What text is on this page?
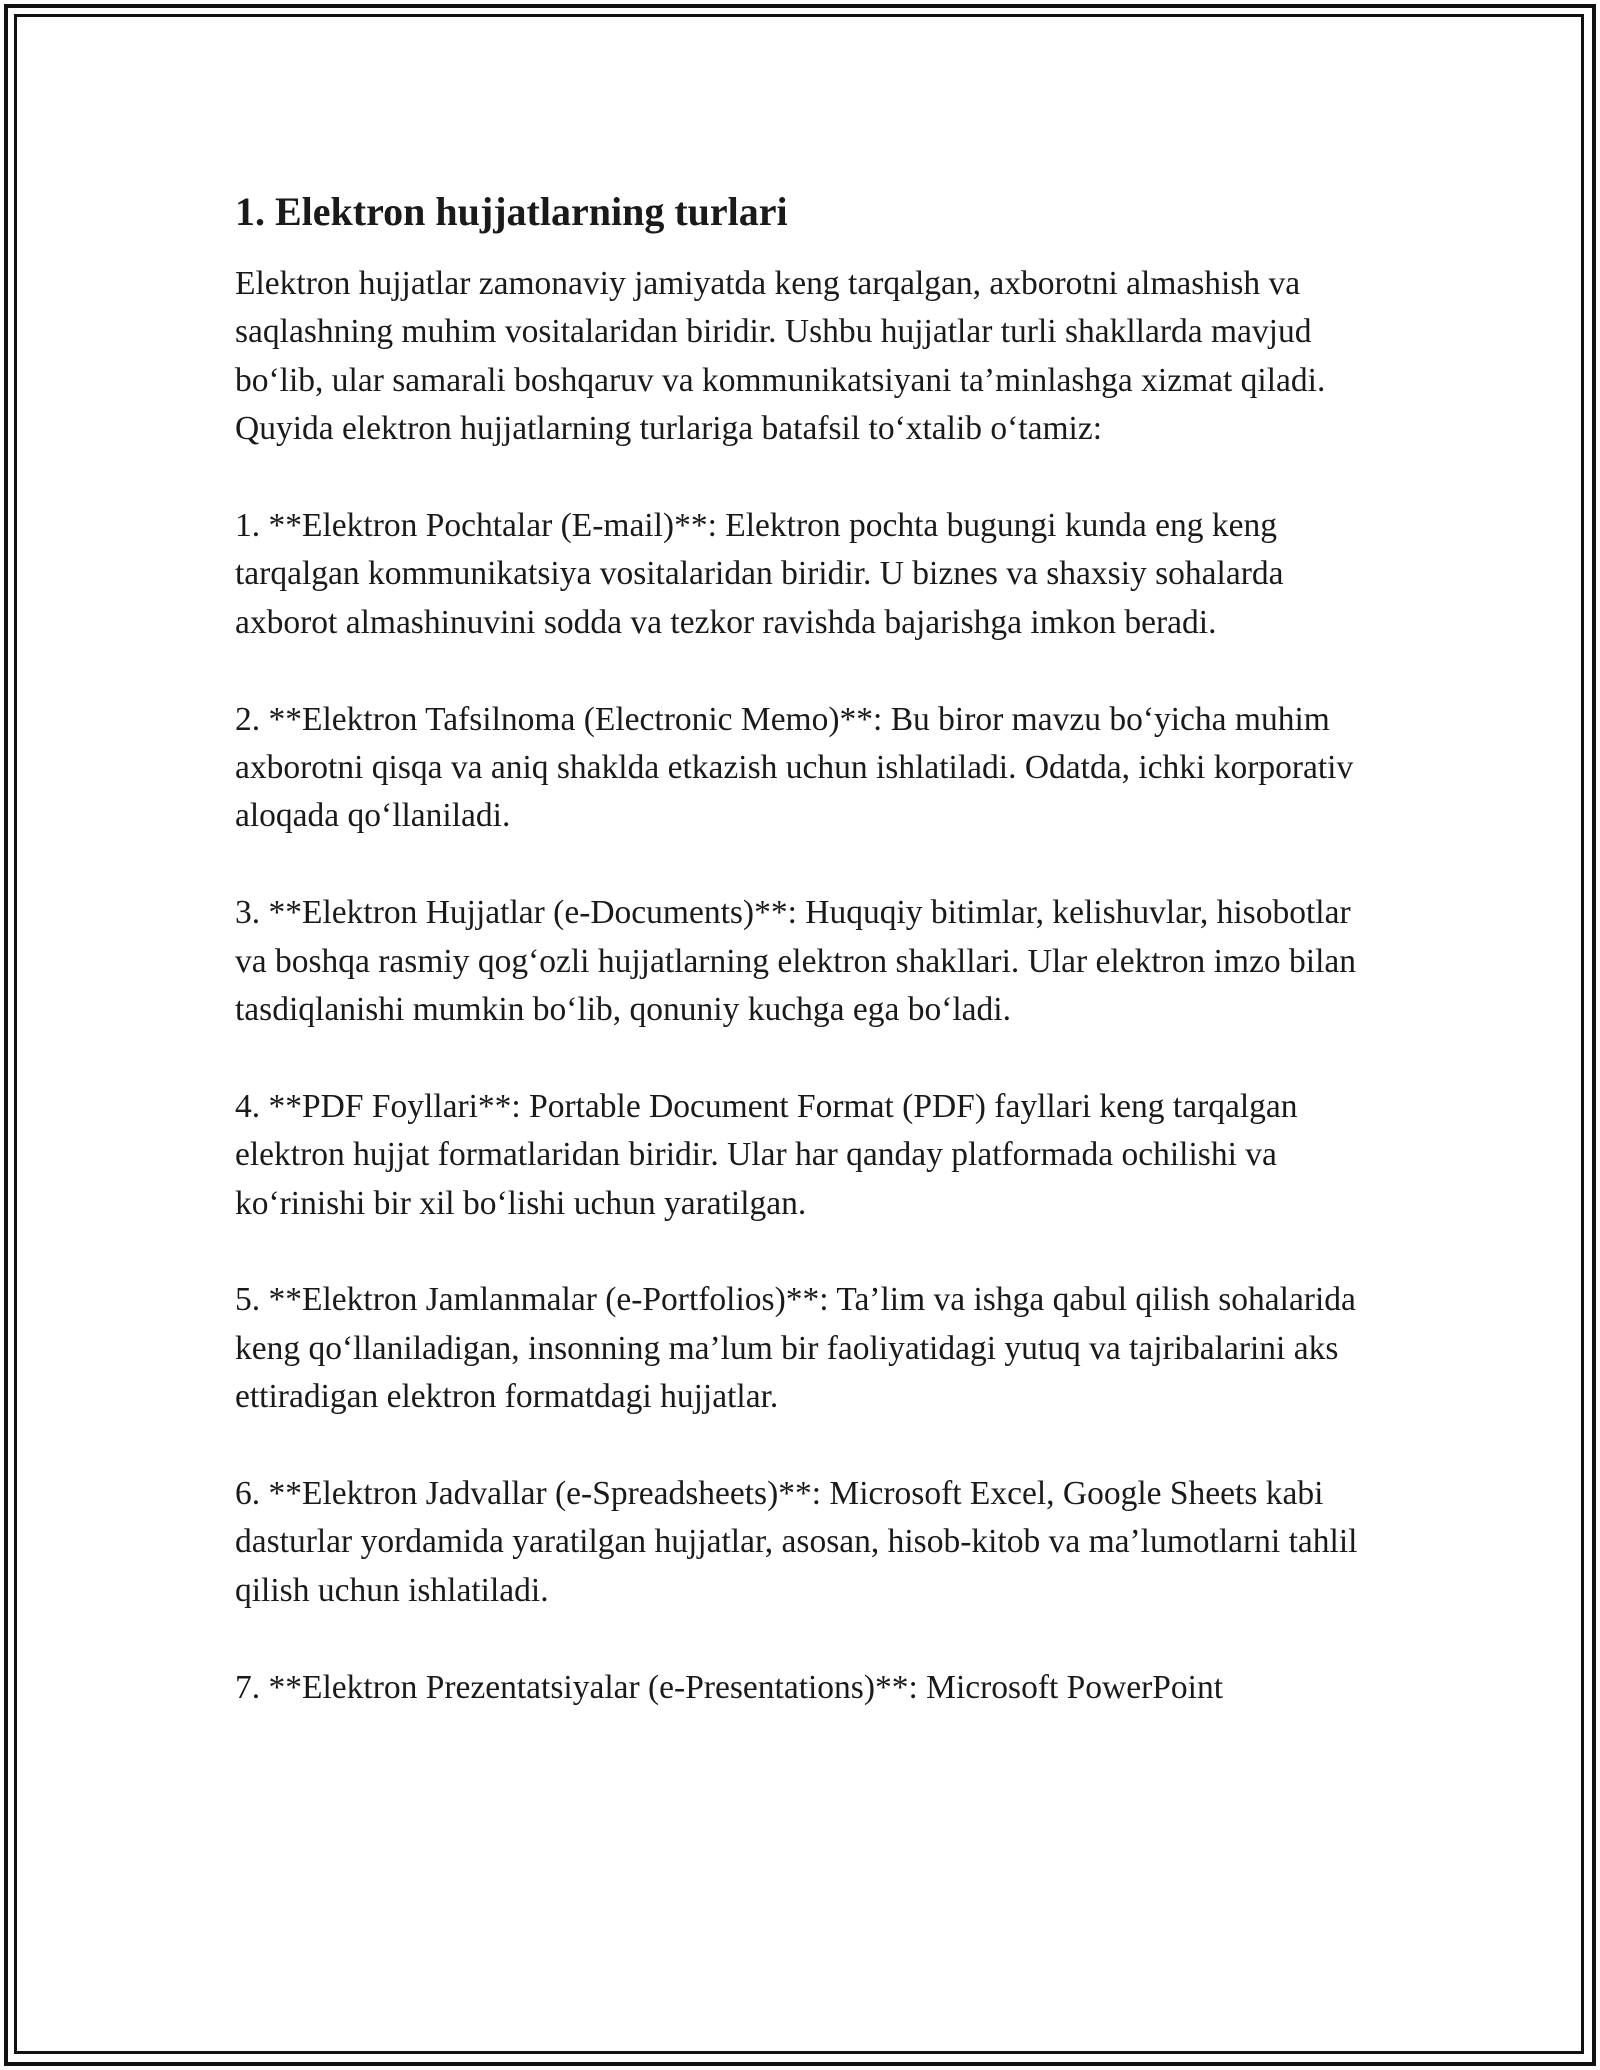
1. Elektron hujjatlarning turlari

Elektron hujjatlar zamonaviy jamiyatda keng tarqalgan, axborotni almashish va saqlashning muhim vositalaridan biridir. Ushbu hujjatlar turli shakllarda mavjud bo‘lib, ular samarali boshqaruv va kommunikatsiyani ta’minlashga xizmat qiladi. Quyida elektron hujjatlarning turlariga batafsil to‘xtalib o‘tamiz:

1. **Elektron Pochtalar (E-mail)**: Elektron pochta bugungi kunda eng keng tarqalgan kommunikatsiya vositalaridan biridir. U biznes va shaxsiy sohalarda axborot almashinuvini sodda va tezkor ravishda bajarishga imkon beradi.

2. **Elektron Tafsilnoma (Electronic Memo)**: Bu biror mavzu bo‘yicha muhim axborotni qisqa va aniq shaklda etkazish uchun ishlatiladi. Odatda, ichki korporativ aloqada qo‘llaniladi.

3. **Elektron Hujjatlar (e-Documents)**: Huquqiy bitimlar, kelishuvlar, hisobotlar va boshqa rasmiy qog‘ozli hujjatlarning elektron shakllari. Ular elektron imzo bilan tasdiqlanishi mumkin bo‘lib, qonuniy kuchga ega bo‘ladi.

4. **PDF Foyllari**: Portable Document Format (PDF) fayllari keng tarqalgan elektron hujjat formatlaridan biridir. Ular har qanday platformada ochilishi va ko‘rinishi bir xil bo‘lishi uchun yaratilgan.

5. **Elektron Jamlanmalar (e-Portfolios)**: Ta’lim va ishga qabul qilish sohalarida keng qo‘llaniladigan, insonning ma’lum bir faoliyatidagi yutuq va tajribalarini aks ettiradigan elektron formatdagi hujjatlar.

6. **Elektron Jadvallar (e-Spreadsheets)**: Microsoft Excel, Google Sheets kabi dasturlar yordamida yaratilgan hujjatlar, asosan, hisob-kitob va ma’lumotlarni tahlil qilish uchun ishlatiladi.

7. **Elektron Prezentatsiyalar (e-Presentations)**: Microsoft PowerPoint
